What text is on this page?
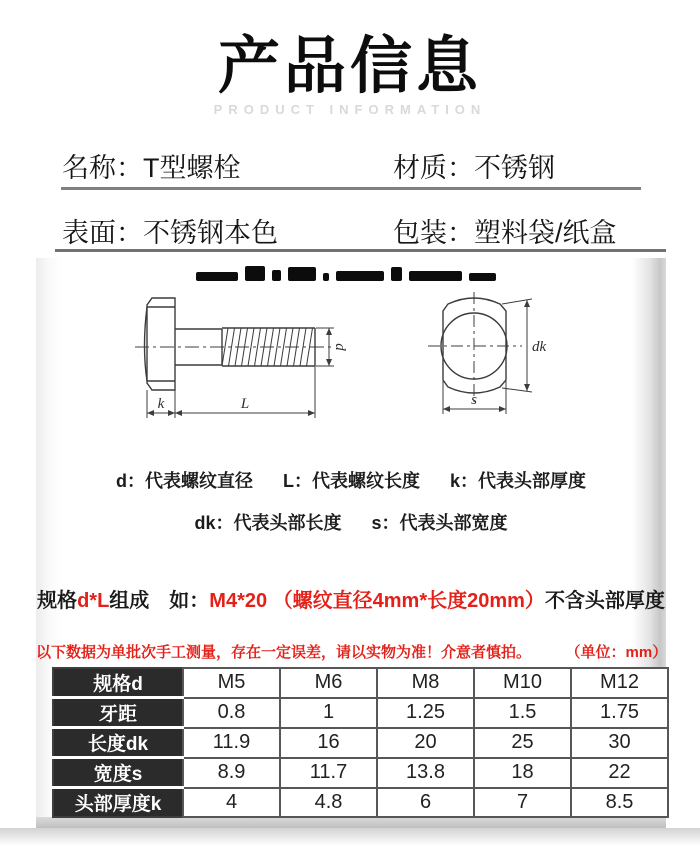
产品信息
PRODUCT INFORMATION
名称：T型螺栓	材质：不锈钢
表面：不锈钢本色	包装：塑料袋/纸盒
d
k	L
dk
s
d：代表螺纹直径 L：代表螺纹长度 k：代表头部厚度
dk：代表头部长度 s：代表头部宽度
规格d*L组成　如：M4*20 （螺纹直径4mm*长度20mm）不含头部厚度
以下数据为单批次手工测量，存在一定误差，请以实物为准！介意者慎拍。	（单位：mm）
规格d	M5	M6	M8	M10	M12
牙距	0.8	1	1.25	1.5	1.75
长度dk	11.9	16	20	25	30
宽度s	8.9	11.7	13.8	18	22
头部厚度k	4	4.8	6	7	8.5
